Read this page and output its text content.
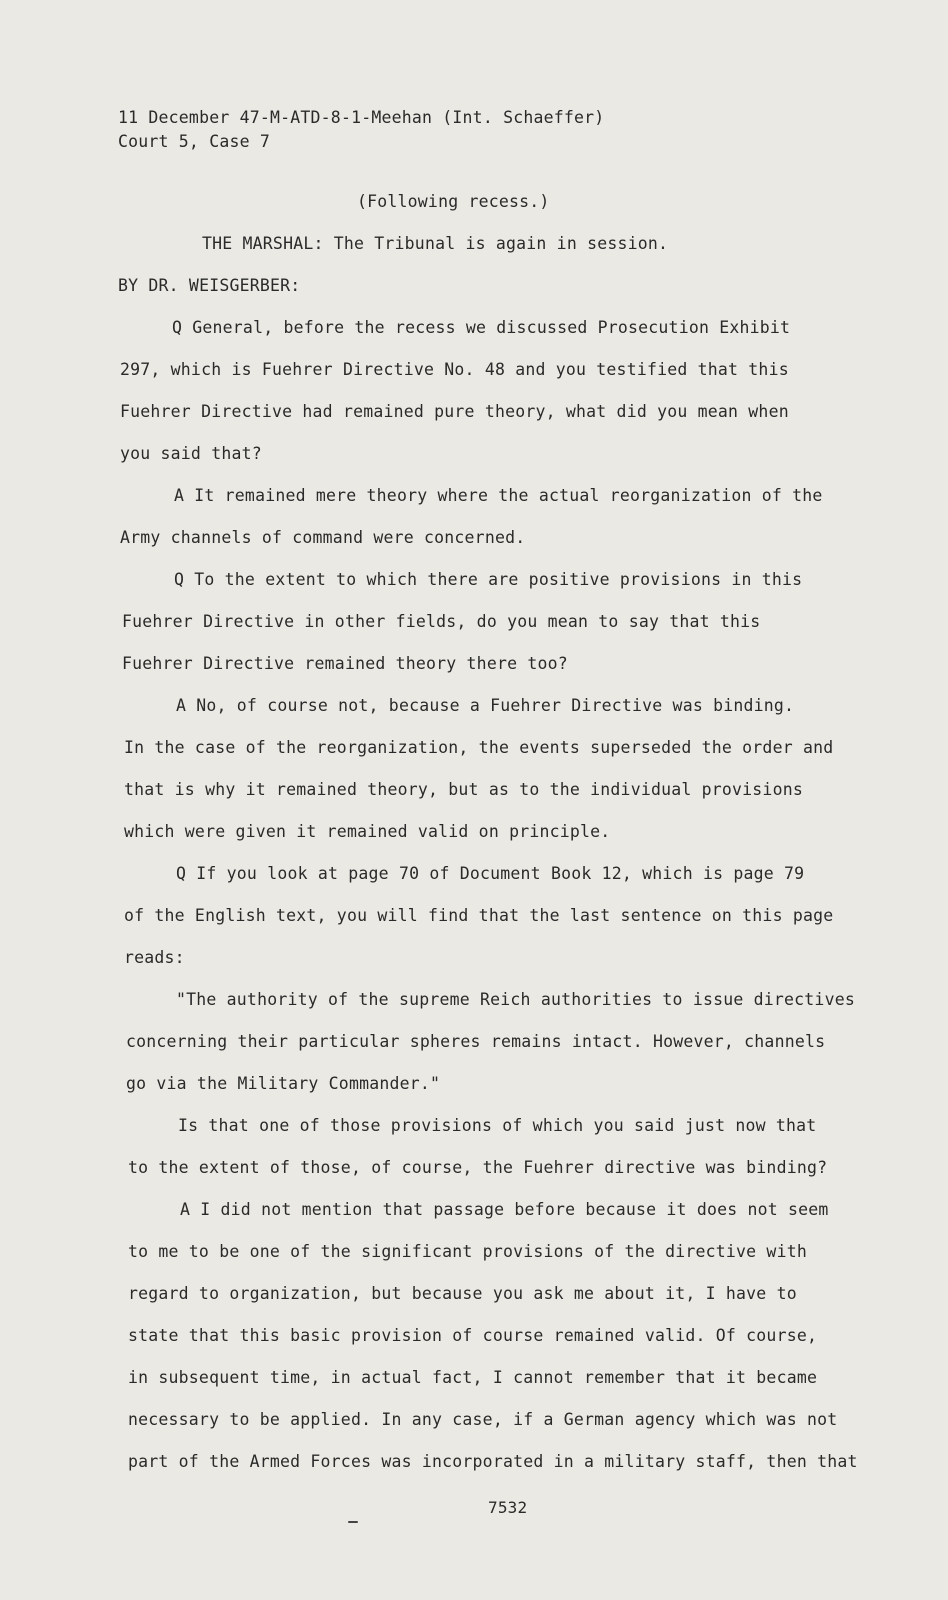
11 December 47-M-ATD-8-1-Meehan (Int. Schaeffer)
Court 5, Case 7
(Following recess.)
THE MARSHAL: The Tribunal is again in session.
BY DR. WEISGERBER:
Q General, before the recess we discussed Prosecution Exhibit
297, which is Fuehrer Directive No. 48 and you testified that this
Fuehrer Directive had remained pure theory, what did you mean when
you said that?
A It remained mere theory where the actual reorganization of the
Army channels of command were concerned.
Q To the extent to which there are positive provisions in this
Fuehrer Directive in other fields, do you mean to say that this
Fuehrer Directive remained theory there too?
A No, of course not, because a Fuehrer Directive was binding.
In the case of the reorganization, the events superseded the order and
that is why it remained theory, but as to the individual provisions
which were given it remained valid on principle.
Q If you look at page 70 of Document Book 12, which is page 79
of the English text, you will find that the last sentence on this page
reads:
"The authority of the supreme Reich authorities to issue directives
concerning their particular spheres remains intact. However, channels
go via the Military Commander."
Is that one of those provisions of which you said just now that
to the extent of those, of course, the Fuehrer directive was binding?
A I did not mention that passage before because it does not seem
to me to be one of the significant provisions of the directive with
regard to organization, but because you ask me about it, I have to
state that this basic provision of course remained valid. Of course,
in subsequent time, in actual fact, I cannot remember that it became
necessary to be applied. In any case, if a German agency which was not
part of the Armed Forces was incorporated in a military staff, then that
7532
